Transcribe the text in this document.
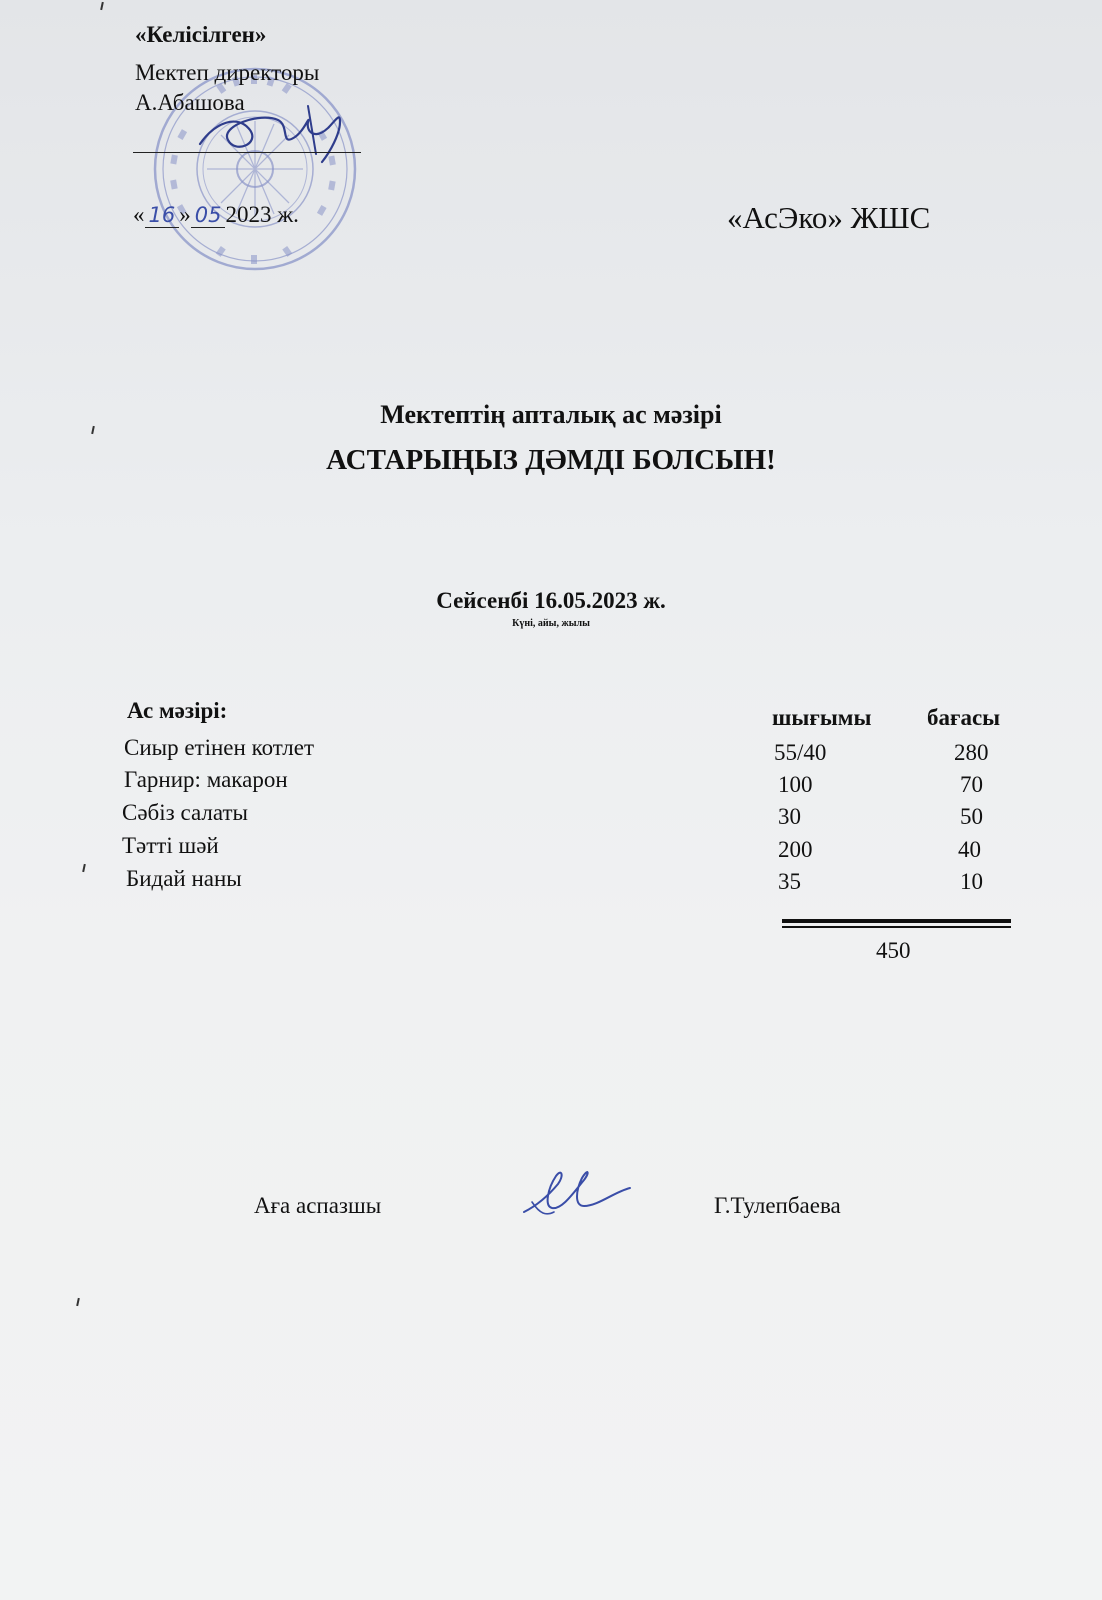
«Келісілген»
Мектеп директоры
А.Абашова
« 16 » 05 2023 ж.	«АсЭко» ЖШС
Мектептің апталық ас мәзірі
АСТАРЫҢЫЗ ДӘМДІ БОЛСЫН!
Сейсенбі 16.05.2023 ж.
Күні, айы, жылы
Ас мәзірі:	шығымы бағасы
Сиыр етінен котлет	55/40	280
Гарнир: макарон	100	70
Сәбіз салаты	30	50
Тәтті шәй	200	40
Бидай наны	35	10
450
Аға аспазшы	Г.Тулепбаева
